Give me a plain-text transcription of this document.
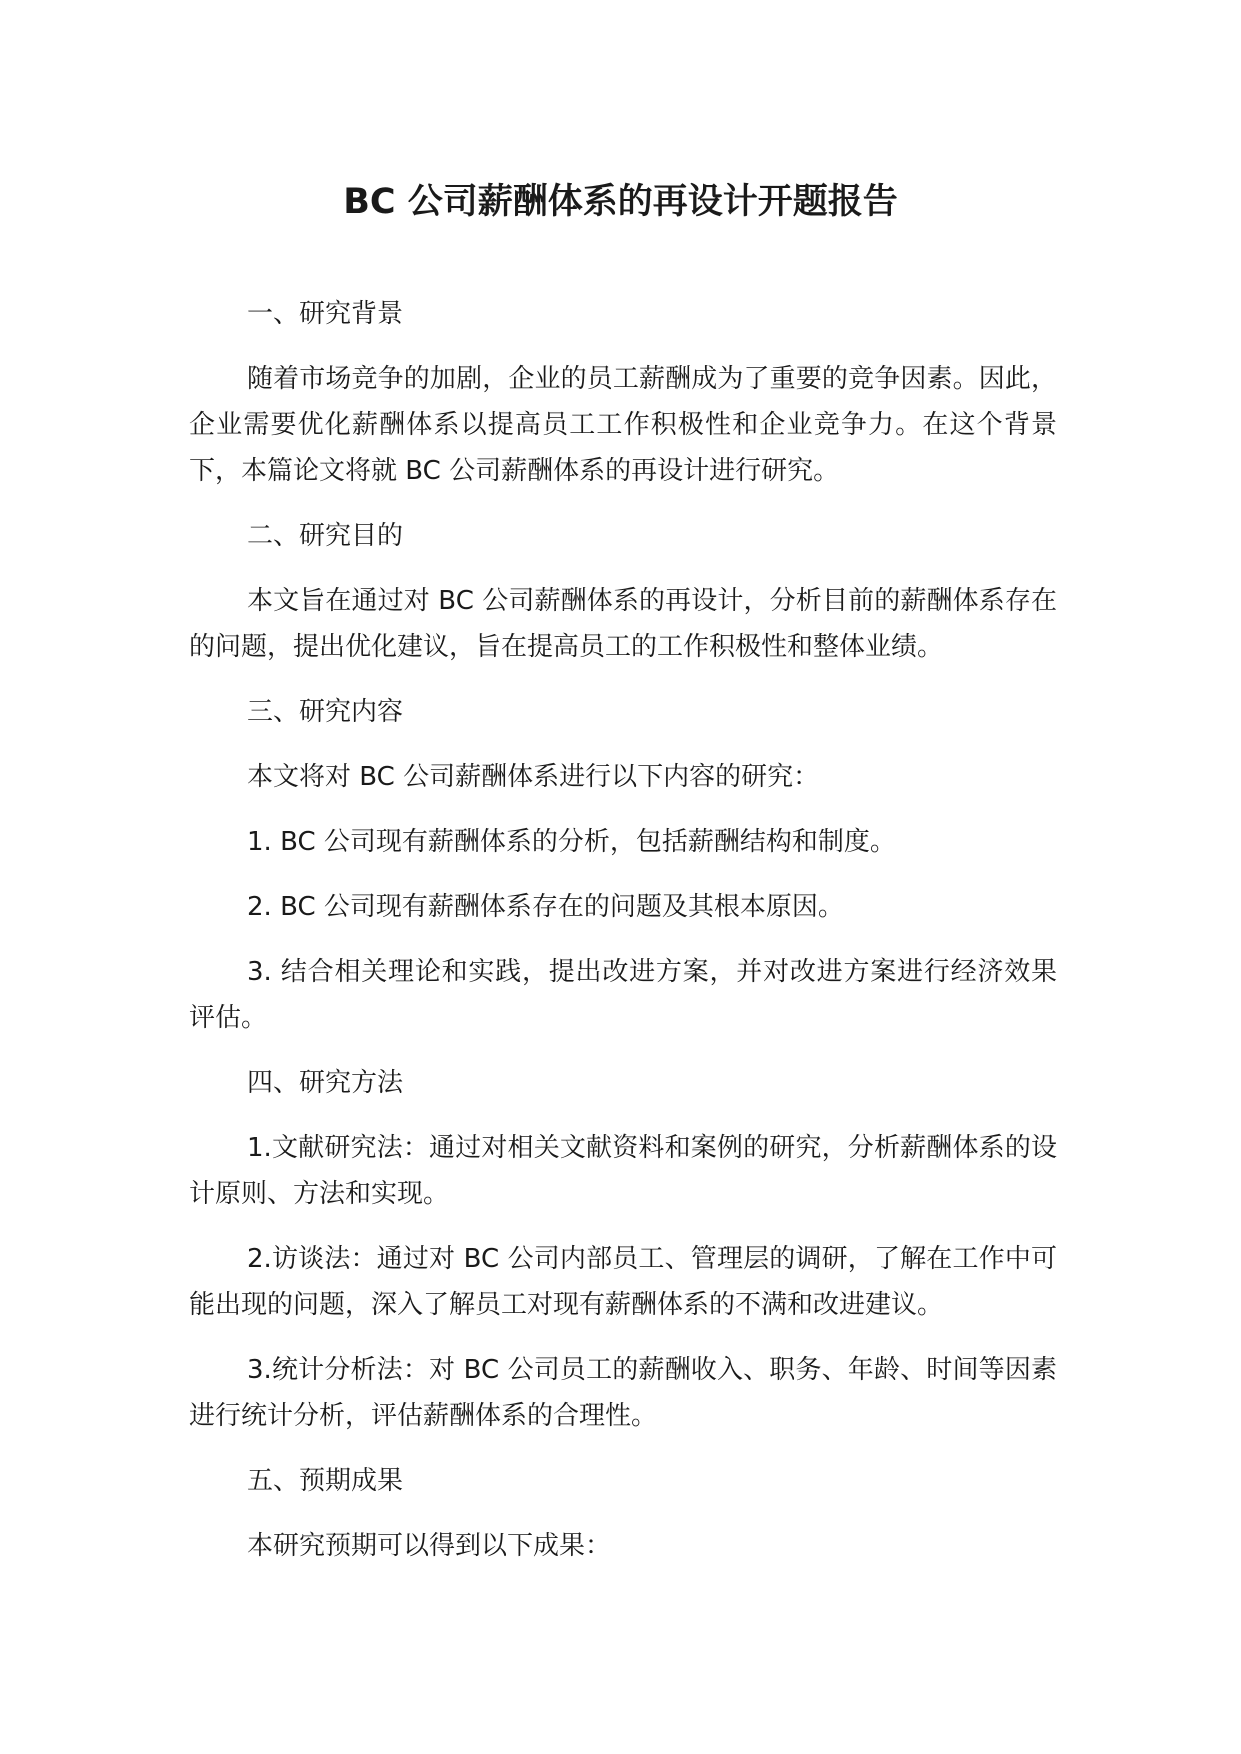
BC 公司薪酬体系的再设计开题报告

一、研究背景

随着市场竞争的加剧，企业的员工薪酬成为了重要的竞争因素。因此，企业需要优化薪酬体系以提高员工工作积极性和企业竞争力。在这个背景下，本篇论文将就 BC 公司薪酬体系的再设计进行研究。

二、研究目的

本文旨在通过对 BC 公司薪酬体系的再设计，分析目前的薪酬体系存在的问题，提出优化建议，旨在提高员工的工作积极性和整体业绩。

三、研究内容

本文将对 BC 公司薪酬体系进行以下内容的研究：

1. BC 公司现有薪酬体系的分析，包括薪酬结构和制度。

2. BC 公司现有薪酬体系存在的问题及其根本原因。

3. 结合相关理论和实践，提出改进方案，并对改进方案进行经济效果评估。

四、研究方法

1.文献研究法：通过对相关文献资料和案例的研究，分析薪酬体系的设计原则、方法和实现。

2.访谈法：通过对 BC 公司内部员工、管理层的调研，了解在工作中可能出现的问题，深入了解员工对现有薪酬体系的不满和改进建议。

3.统计分析法：对 BC 公司员工的薪酬收入、职务、年龄、时间等因素进行统计分析，评估薪酬体系的合理性。

五、预期成果

本研究预期可以得到以下成果：
